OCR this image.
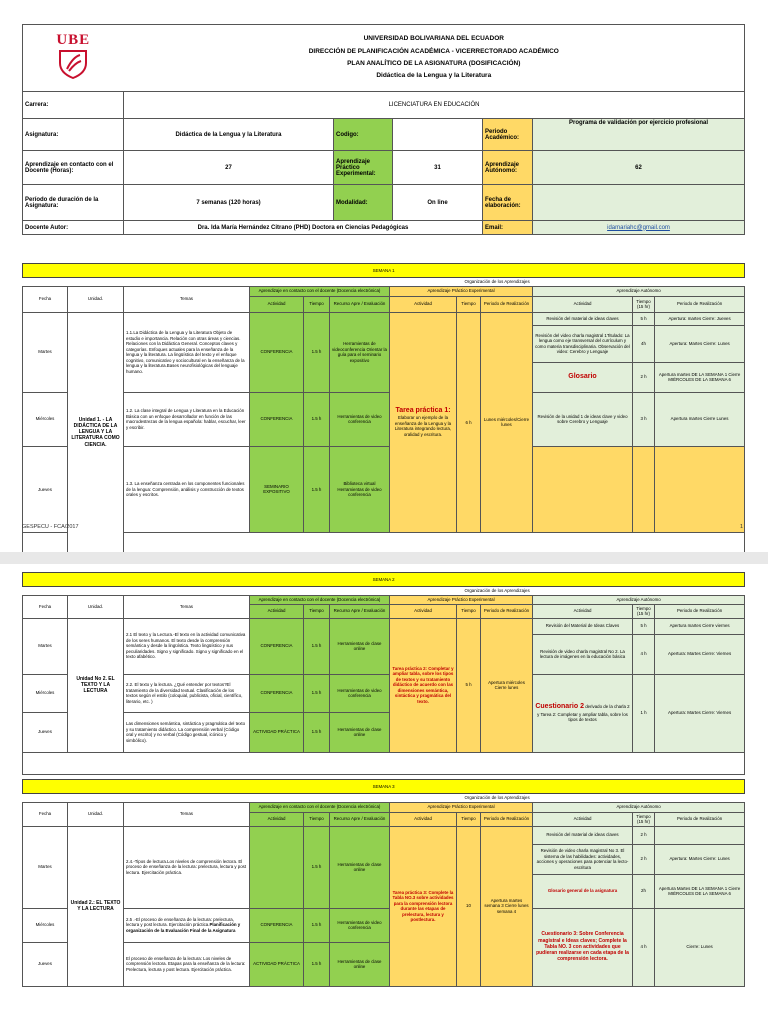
UBE	UNIVERSIDAD BOLIVARIANA DEL ECUADOR
DIRECCIÓN DE PLANIFICACIÓN ACADÉMICA - VICERRECTORADO ACADÉMICO
PLAN ANALÍTICO DE LA ASIGNATURA (DOSIFICACIÓN)
Didáctica de la Lengua y la Literatura				

Carrera:	LICENCIATURA EN EDUCACIÓN				
Asignatura:	Didáctica de la Lengua y la Literatura	Codigo:		Periodo Académico:	Programa de validación por ejercicio profesional
Aprendizaje en contacto con el Docente (Horas):	27	Aprendizaje Práctico Experimental:	31	Aprendizaje Autónomo:	62
Período de duración de la Asignatura:	7 semanas (120 horas)	Modalidad:	On line	Fecha de elaboración:	
Docente Autor:	Dra. Ida María Hernández Citrano (PHD) Doctora en Ciencias Pedagógicas			Email:	idamariahc@gmail.com
SEMANA 1												
			Organización de los Aprendizajes									
Fecha	Unidad.	Temas	Aprendizaje en contacto con el docente (Docencia electrónica)			Aprendizaje Práctico Experimental			Aprendizaje Autónomo			
			Actividad	Tiempo	Recurso Apre / Evaluación	Actividad	Tiempo	Periodo de Realización	Actividad	Tiempo (15 hr)	Periodo de Realización	
Martes	Unidad 1. - LA DIDÁCTICA DE LA LENGUA Y LA LITERATURA COMO CIENCIA.	1.1.La Didáctica de la Lengua y la Literatura Objeto de estudio e importancia. Relación con otras áreas y ciencias. Relaciones con la Didáctica General. Conceptos claves y categorías. Enfoques actuales para la enseñanza de la lengua y la literatura. La lingüística del texto y el enfoque cognitivo, comunicativo y sociocultural en la enseñanza de la lengua y la literatura.Bases neurofisiológicas del lenguaje humano.	CONFERENCIA	1.5 h	Herramientas de videoconferencia Orientar la guía para el seminario expositivo	Tarea práctica 1:
Elaborar un ejemplo de la enseñanza de la Lengua y la Literatura integrando lectura, oralidad y escritura.	6 h	Lunes miércoles/Cierre lunes	Revisión del material de ideas claves	5 h	Apertura: martes Cierre: Jueves	
									Revisión del video charla magistral 1Titulado: La lengua como eje transversal del currículum y como materia transdisciplinaria. Observación del video: Cerebro y Lenguaje	4h	Apertura: Martes Cierre: Lunes	
									Glosario	2 h	Apertura martes DE LA SEMANA 1 Cierre MIÉRCOLES DE LA SEMANA 6	
Miércoles		1.2. La clase integral de Lengua y Literatura en la Educación Básica con un enfoque desarrollador en función de las macrodestrezas de la lengua española: hablar, escuchar, leer y escribir.	CONFERENCIA	1.5 h	Herramientas de video conferencia				Revisión de la unidad 1 de ideas clave y video sobre Cerebro y Lenguaje	3 h	Apertura martes Cierre Lunes	
Jueves		1.3. La enseñanza centrada en los componentes funcionales de la lengua: Comprensión, análisis y construcción de textos orales y escritos.	SEMINARIO EXPOSITIVO	1.5 h	Biblioteca virtual Herramientas de video conferencia						

GESPECU - FCA/2017	1
SEMANA 2											
			Organización de los Aprendizajes								
Fecha	Unidad.	Temas	Aprendizaje en contacto con el docente (Docencia electrónica)			Aprendizaje Práctico Experimental			Aprendizaje Autónomo		
			Actividad	Tiempo	Recurso Apre / Evaluación	Actividad	Tiempo	Periodo de Realización	Actividad	Tiempo (15 hr)	Periodo de Realización
Martes	Unidad No 2. EL TEXTO Y LA LECTURA	2.1 El texto y la Lectura.-El texto en la actividad comunicativa de los seres humanos. El texto desde la comprensión semántica y desde la lingüística. Texto lingüístico y sus peculiaridades. Signo y significado. Signo y significado en el texto afabético.	CONFERENCIA	1.5 h	Herramientas de clase online	Tarea práctica 2: Completar y ampliar tabla, sobre los tipos de textos y su tratamiento didáctico de acuerdo con las dimensiones semántica, sintáctica y pragmática del texto.	5 h	Apertura miércoles Cierre lunes	Revisión del Material de Ideas Claves	5 h	Apertura martes Cierre viernes
									Revisión de video charla magistral No 2. La lectura de imágenes en la educación básica	4 h	Apertura: Martes Cierre: Viernes
Miércoles		2.2. El texto y la lectura. ¿Qué entender por textos?El tratamiento de la diversidad textual. Clasificación de los textos según el estilo (coloquial, publicista, oficial, científico, literario, etc. )	CONFERENCIA	1.5 h	Herramientas de video conferencia				Cuestionario 2 derivado de la charla 2 y Tarea 2: Completar y ampliar tabla, sobre los tipos de textos	1 h	Apertura: Martes Cierre: Viernes
Jueves		Las dimensiones semántica, sintáctica y pragmática del texto y su tratamiento didáctico. La comprensión verbal (Código oral y escrito) y no verbal (Código gestual, icónico y simbólico).	ACTIVIDAD PRÁCTICA	1.5 h	Herramientas de clase online						

SEMANA 3											
			Organización de los Aprendizajes								
Fecha	Unidad.	Temas	Aprendizaje en contacto con el docente (Docencia electrónica)			Aprendizaje Práctico Experimental			Aprendizaje Autónomo		
			Actividad	Tiempo	Recurso Apre / Evaluación	Actividad	Tiempo	Periodo de Realización	Actividad	Tiempo (15 hr)	Periodo de Realización
Martes	Unidad 2.: EL TEXTO Y LA LECTURA	2.4.-Tipos de lectura.Los niveles de comprensión lectora. El proceso de enseñanza de la lectura: prelectura, lectura y post lectura. Ejercitación práctica.		1.5 h	Herramientas de clase online	Tarea práctica 3: Complete la Tabla NO.3 sobre actividades para la comprensión lectora durante las etapas de prelectura, lectura y postlectura.	10	Apertura martes semana 3 Cierre lunes semana 4	Revisión del material de ideas claves	2 h	
									Revisión de video charla magistral No 3. El sistema de las habilidades: actividades, acciones y operaciones para potenciar la lecto-escritura	2 h	Apertura: Martes Cierre: Lunes
									Glosario general de la asignatura	2h	Apertura Martes DE LA SEMANA 1 Cierre MIÉRCOLES DE LA SEMANA 6
Miércoles		2.5 .-El proceso de enseñanza de la lectura: prelectura, lectura y post lectura. Ejercitación práctica.Planificación y organización de la Evaluación Final de la Asignatura	CONFERENCIA	1.5 h	Herramientas de video conferencia				Cuestionario 3: Sobre Conferencia magistral e Ideas claves; Complete la Tabla NO. 3 con actividades que pudieran realizarse en cada etapa de la comprensión lectora.	4 h	Cierre: Lunes
Jueves		El proceso de enseñanza de la lectura: Los niveles de comprensión lectora. Etapas para la enseñanza de la lectura: Prelectura, lectura y post lectura. Ejercitación práctica.	ACTIVIDAD PRÁCTICA	1.5 h	Herramientas de clase online						
